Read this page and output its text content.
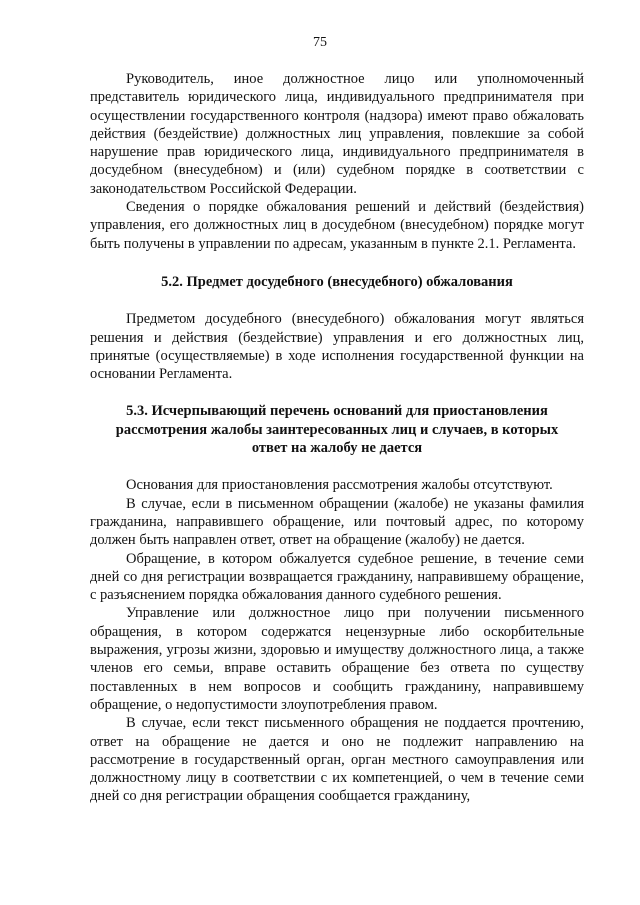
75

Руководитель, иное должностное лицо или уполномоченный представитель юридического лица, индивидуального предпринимателя при осуществлении государственного контроля (надзора) имеют право обжаловать действия (бездействие) должностных лиц управления, повлекшие за собой нарушение прав юридического лица, индивидуального предпринимателя в досудебном (внесудебном) и (или) судебном порядке в соответствии с законодательством Российской Федерации.

Сведения о порядке обжалования решений и действий (бездействия) управления, его должностных лиц в досудебном (внесудебном) порядке могут быть получены в управлении по адресам, указанным в пункте 2.1. Регламента.

5.2. Предмет досудебного (внесудебного) обжалования

Предметом досудебного (внесудебного) обжалования могут являться решения и действия (бездействие) управления и его должностных лиц, принятые (осуществляемые) в ходе исполнения государственной функции на основании Регламента.

5.3. Исчерпывающий перечень оснований для приостановления
рассмотрения жалобы заинтересованных лиц и случаев, в которых
ответ на жалобу не дается

Основания для приостановления рассмотрения жалобы отсутствуют.

В случае, если в письменном обращении (жалобе) не указаны фамилия гражданина, направившего обращение, или почтовый адрес, по которому должен быть направлен ответ, ответ на обращение (жалобу) не дается.

Обращение, в котором обжалуется судебное решение, в течение семи дней со дня регистрации возвращается гражданину, направившему обращение, с разъяснением порядка обжалования данного судебного решения.

Управление или должностное лицо при получении письменного обращения, в котором содержатся нецензурные либо оскорбительные выражения, угрозы жизни, здоровью и имуществу должностного лица, а также членов его семьи, вправе оставить обращение без ответа по существу поставленных в нем вопросов и сообщить гражданину, направившему обращение, о недопустимости злоупотребления правом.

В случае, если текст письменного обращения не поддается прочтению, ответ на обращение не дается и оно не подлежит направлению на рассмотрение в государственный орган, орган местного самоуправления или должностному лицу в соответствии с их компетенцией, о чем в течение семи дней со дня регистрации обращения сообщается гражданину,
